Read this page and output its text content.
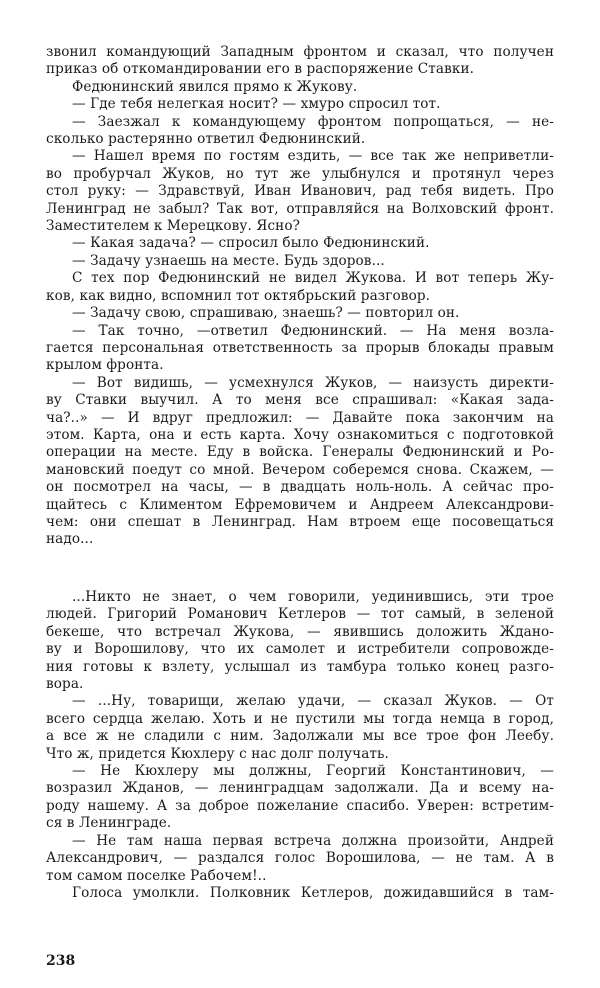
звонил командующий Западным фронтом и сказал, что получен
приказ об откомандировании его в распоряжение Ставки.
Федюнинский явился прямо к Жукову.
— Где тебя нелегкая носит? — хмуро спросил тот.
— Заезжал к командующему фронтом попрощаться, — не-
сколько растерянно ответил Федюнинский.
— Нашел время по гостям ездить, — все так же неприветли-
во пробурчал Жуков, но тут же улыбнулся и протянул через
стол руку: — Здравствуй, Иван Иванович, рад тебя видеть. Про
Ленинград не забыл? Так вот, отправляйся на Волховский фронт.
Заместителем к Мерецкову. Ясно?
— Какая задача? — спросил было Федюнинский.
— Задачу узнаешь на месте. Будь здоров...
С тех пор Федюнинский не видел Жукова. И вот теперь Жу-
ков, как видно, вспомнил тот октябрьский разговор.
— Задачу свою, спрашиваю, знаешь? — повторил он.
— Так точно, —ответил Федюнинский. — На меня возла-
гается персональная ответственность за прорыв блокады правым
крылом фронта.
— Вот видишь, — усмехнулся Жуков, — наизусть директи-
ву Ставки выучил. А то меня все спрашивал: «Какая зада-
ча?..» — И вдруг предложил: — Давайте пока закончим на
этом. Карта, она и есть карта. Хочу ознакомиться с подготовкой
операции на месте. Еду в войска. Генералы Федюнинский и Ро-
мановский поедут со мной. Вечером соберемся снова. Скажем, —
он посмотрел на часы, — в двадцать ноль-ноль. А сейчас про-
щайтесь с Климентом Ефремовичем и Андреем Александрови-
чем: они спешат в Ленинград. Нам втроем еще посовещаться
надо...
...Никто не знает, о чем говорили, уединившись, эти трое
людей. Григорий Романович Кетлеров — тот самый, в зеленой
бекеше, что встречал Жукова, — явившись доложить Ждано-
ву и Ворошилову, что их самолет и истребители сопровожде-
ния готовы к взлету, услышал из тамбура только конец разго-
вора.
— ...Ну, товарищи, желаю удачи, — сказал Жуков. — От
всего сердца желаю. Хоть и не пустили мы тогда немца в город,
а все ж не сладили с ним. Задолжали мы все трое фон Леебу.
Что ж, придется Кюхлеру с нас долг получать.
— Не Кюхлеру мы должны, Георгий Константинович, —
возразил Жданов, — ленинградцам задолжали. Да и всему на-
роду нашему. А за доброе пожелание спасибо. Уверен: встретим-
ся в Ленинграде.
— Не там наша первая встреча должна произойти, Андрей
Александрович, — раздался голос Ворошилова, — не там. А в
том самом поселке Рабочем!..
Голоса умолкли. Полковник Кетлеров, дожидавшийся в там-
238
